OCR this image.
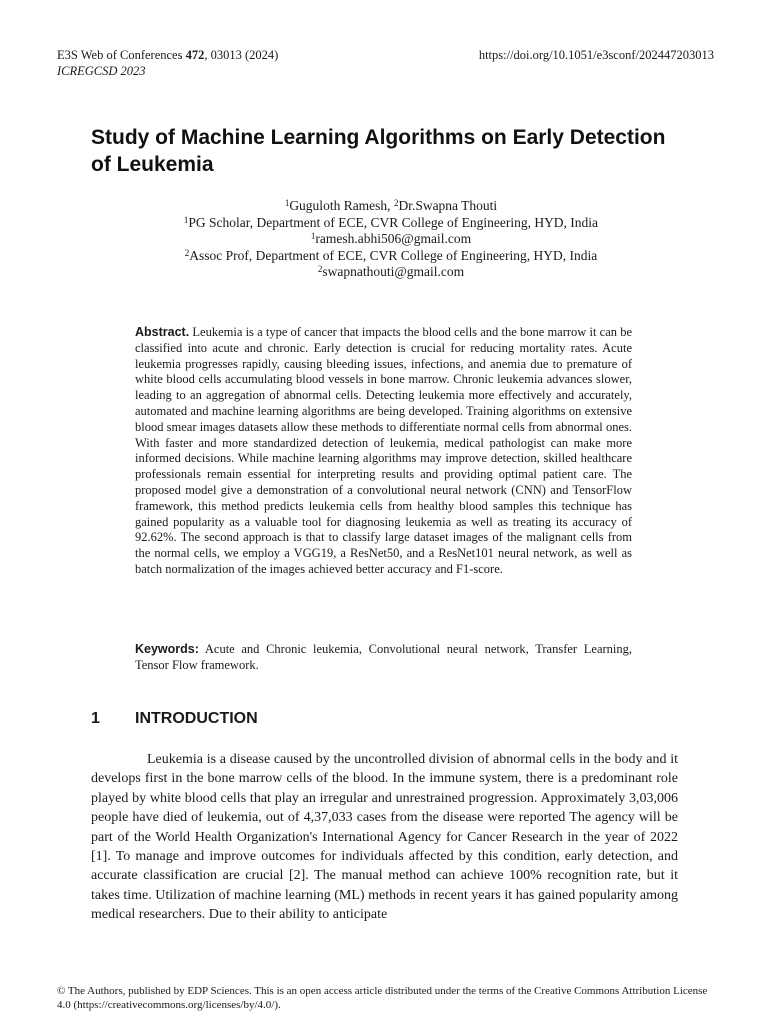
E3S Web of Conferences 472, 03013 (2024)
ICREGCSD 2023
https://doi.org/10.1051/e3sconf/202447203013
Study of Machine Learning Algorithms on Early Detection of Leukemia
$^1$Guguloth Ramesh, $^2$Dr.Swapna Thouti
$^1$PG Scholar, Department of ECE, CVR College of Engineering, HYD, India
$^1$ramesh.abhi506@gmail.com
$^2$Assoc Prof, Department of ECE, CVR College of Engineering, HYD, India
$^2$swapnathouti@gmail.com
Abstract. Leukemia is a type of cancer that impacts the blood cells and the bone marrow it can be classified into acute and chronic. Early detection is crucial for reducing mortality rates. Acute leukemia progresses rapidly, causing bleeding issues, infections, and anemia due to premature of white blood cells accumulating blood vessels in bone marrow. Chronic leukemia advances slower, leading to an aggregation of abnormal cells. Detecting leukemia more effectively and accurately, automated and machine learning algorithms are being developed. Training algorithms on extensive blood smear images datasets allow these methods to differentiate normal cells from abnormal ones. With faster and more standardized detection of leukemia, medical pathologist can make more informed decisions. While machine learning algorithms may improve detection, skilled healthcare professionals remain essential for interpreting results and providing optimal patient care. The proposed model give a demonstration of a convolutional neural network (CNN) and TensorFlow framework, this method predicts leukemia cells from healthy blood samples this technique has gained popularity as a valuable tool for diagnosing leukemia as well as treating its accuracy of 92.62%. The second approach is that to classify large dataset images of the malignant cells from the normal cells, we employ a VGG19, a ResNet50, and a ResNet101 neural network, as well as batch normalization of the images achieved better accuracy and F1-score.
Keywords: Acute and Chronic leukemia, Convolutional neural network, Transfer Learning, Tensor Flow framework.
1 INTRODUCTION
Leukemia is a disease caused by the uncontrolled division of abnormal cells in the body and it develops first in the bone marrow cells of the blood. In the immune system, there is a predominant role played by white blood cells that play an irregular and unrestrained progression. Approximately 3,03,006 people have died of leukemia, out of 4,37,033 cases from the disease were reported The agency will be part of the World Health Organization's International Agency for Cancer Research in the year of 2022 [1]. To manage and improve outcomes for individuals affected by this condition, early detection, and accurate classification are crucial [2]. The manual method can achieve 100% recognition rate, but it takes time. Utilization of machine learning (ML) methods in recent years it has gained popularity among medical researchers. Due to their ability to anticipate
© The Authors, published by EDP Sciences. This is an open access article distributed under the terms of the Creative Commons Attribution License 4.0 (https://creativecommons.org/licenses/by/4.0/).
